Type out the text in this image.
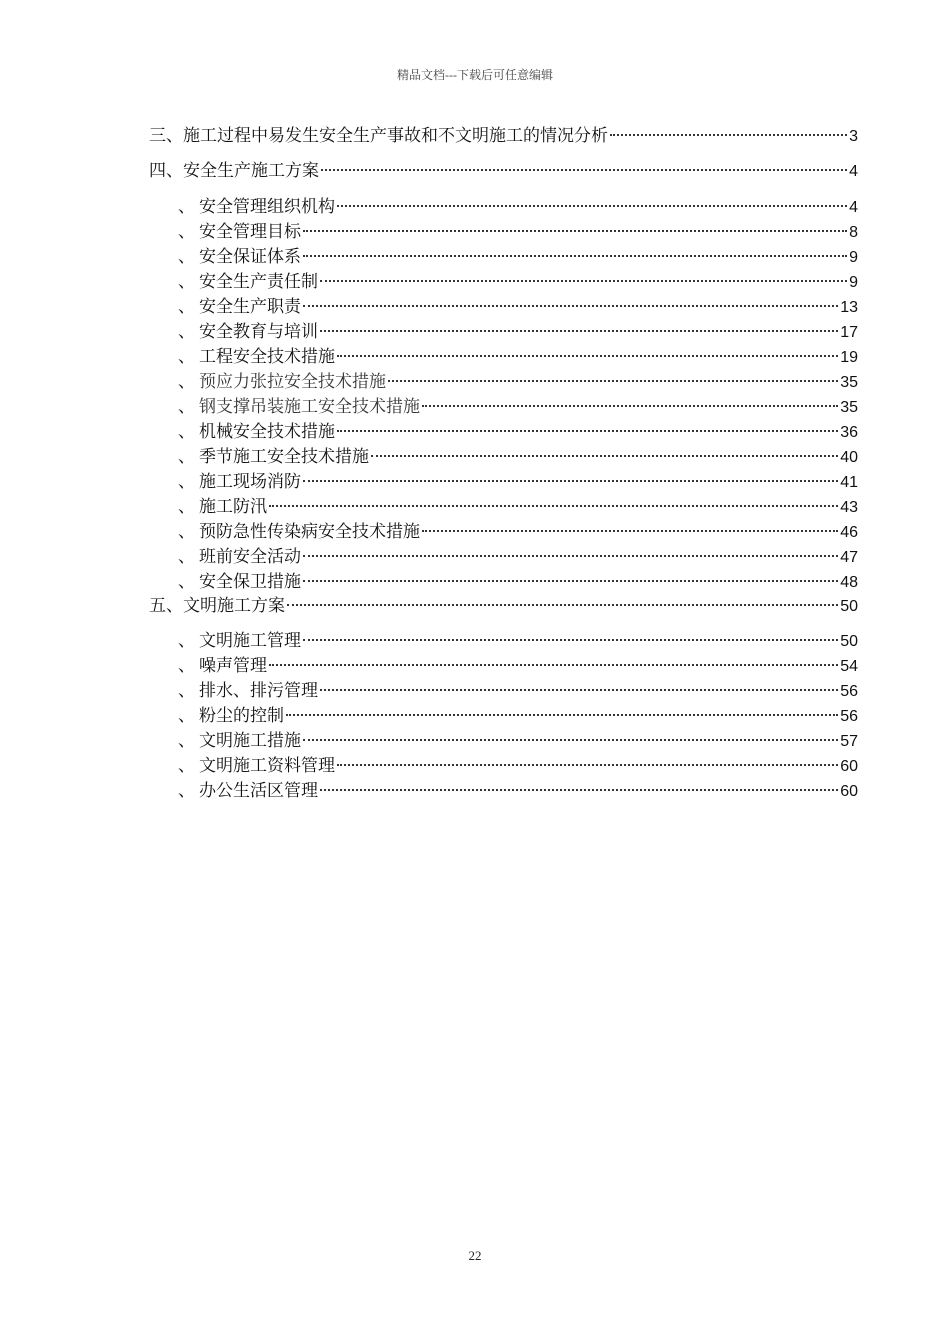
精品文档---下载后可任意编辑
三、施工过程中易发生安全生产事故和不文明施工的情况分析	3
四、安全生产施工方案	4
、 安全管理组织机构	4
、 安全管理目标	8
、 安全保证体系	9
、 安全生产责任制	9
、 安全生产职责	13
、 安全教育与培训	17
、 工程安全技术措施	19
、 预应力张拉安全技术措施	35
、 钢支撑吊装施工安全技术措施	35
、 机械安全技术措施	36
、 季节施工安全技术措施	40
、 施工现场消防	41
、 施工防汛	43
、 预防急性传染病安全技术措施	46
、 班前安全活动	47
、 安全保卫措施	48
五、文明施工方案	50
、 文明施工管理	50
、 噪声管理	54
、 排水、排污管理	56
、 粉尘的控制	56
、 文明施工措施	57
、 文明施工资料管理	60
、 办公生活区管理	60
22
